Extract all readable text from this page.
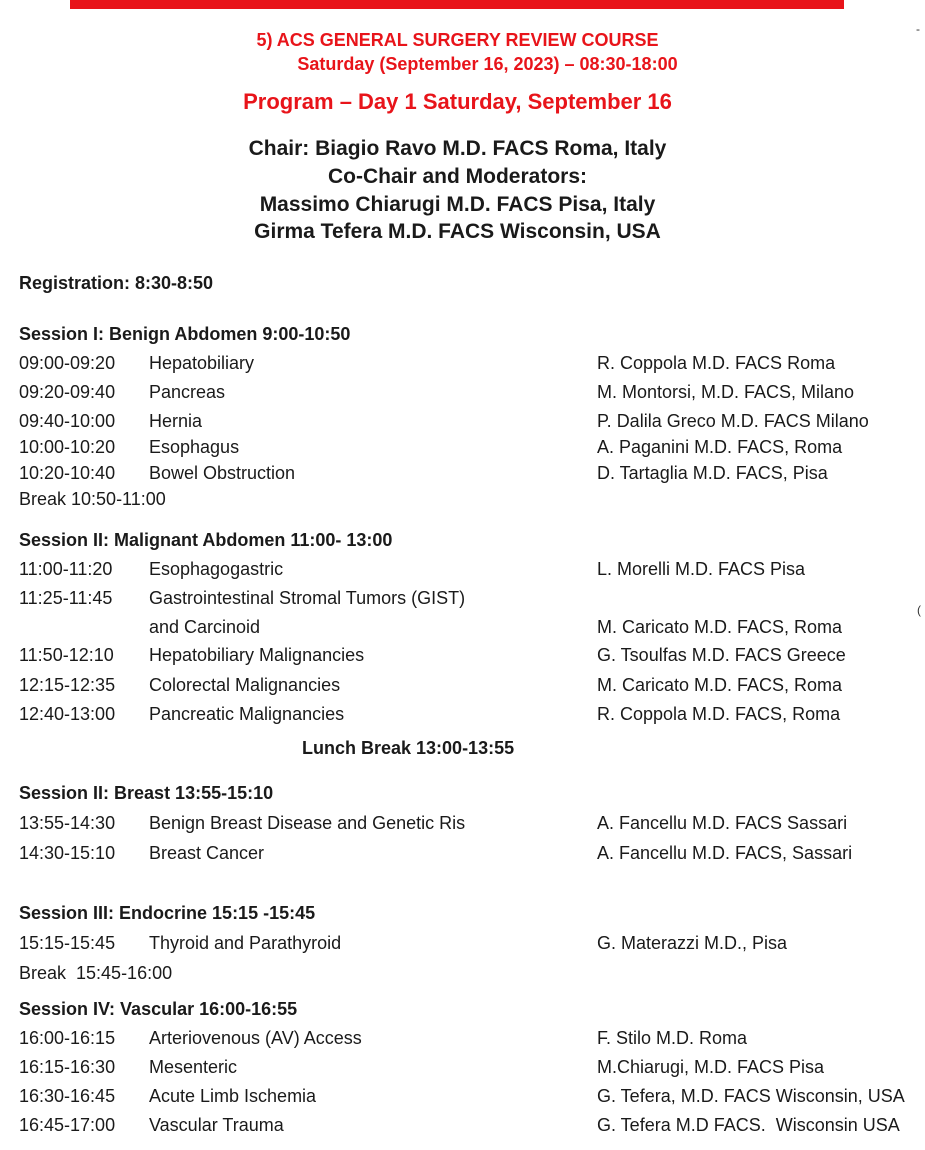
-
(
5) ACS GENERAL SURGERY REVIEW COURSE
Saturday (September 16, 2023) – 08:30-18:00
Program – Day 1 Saturday, September 16
Chair: Biagio Ravo M.D. FACS Roma, Italy
Co-Chair and Moderators:
Massimo Chiarugi M.D. FACS Pisa, Italy
Girma Tefera M.D. FACS Wisconsin, USA
Registration: 8:30-8:50
Session I: Benign Abdomen 9:00-10:50
09:00-09:20 Hepatobiliary	R. Coppola M.D. FACS Roma
09:20-09:40 Pancreas	M. Montorsi, M.D. FACS, Milano
09:40-10:00 Hernia	P. Dalila Greco M.D. FACS Milano
10:00-10:20 Esophagus	A. Paganini M.D. FACS, Roma
10:20-10:40 Bowel Obstruction	D. Tartaglia M.D. FACS, Pisa
Break 10:50-11:00
Session II: Malignant Abdomen 11:00- 13:00
11:00-11:20 Esophagogastric	L. Morelli M.D. FACS Pisa
11:25-11:45 Gastrointestinal Stromal Tumors (GIST)
and Carcinoid	M. Caricato M.D. FACS, Roma
11:50-12:10 Hepatobiliary Malignancies	G. Tsoulfas M.D. FACS Greece
12:15-12:35 Colorectal Malignancies	M. Caricato M.D. FACS, Roma
12:40-13:00 Pancreatic Malignancies	R. Coppola M.D. FACS, Roma
Lunch Break 13:00-13:55
Session II: Breast 13:55-15:10
13:55-14:30 Benign Breast Disease and Genetic Ris	A. Fancellu M.D. FACS Sassari
14:30-15:10 Breast Cancer	A. Fancellu M.D. FACS, Sassari
Session III: Endocrine 15:15 -15:45
15:15-15:45 Thyroid and Parathyroid	G. Materazzi M.D., Pisa
Break  15:45-16:00
Session IV: Vascular 16:00-16:55
16:00-16:15 Arteriovenous (AV) Access	F. Stilo M.D. Roma
16:15-16:30 Mesenteric	M.Chiarugi, M.D. FACS Pisa
16:30-16:45 Acute Limb Ischemia	G. Tefera, M.D. FACS Wisconsin, USA
16:45-17:00 Vascular Trauma	G. Tefera M.D FACS.  Wisconsin USA
